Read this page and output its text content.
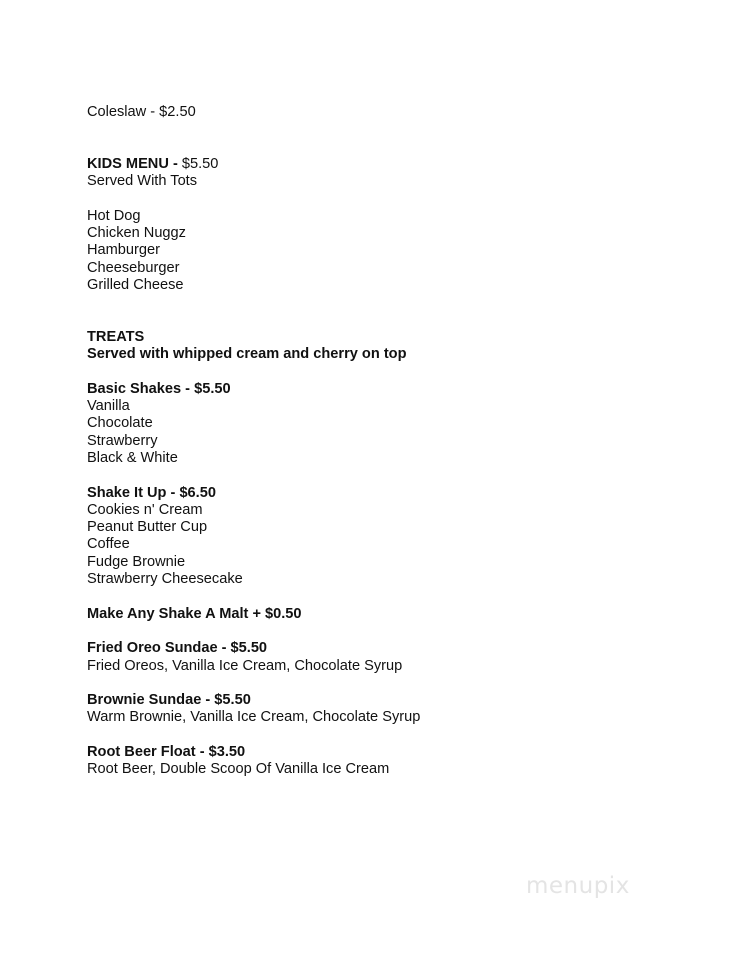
Coleslaw - $2.50
KIDS MENU - $5.50
Served With Tots
Hot Dog
Chicken Nuggz
Hamburger
Cheeseburger
Grilled Cheese
TREATS
Served with whipped cream and cherry on top
Basic Shakes - $5.50
Vanilla
Chocolate
Strawberry
Black & White
Shake It Up - $6.50
Cookies n' Cream
Peanut Butter Cup
Coffee
Fudge Brownie
Strawberry Cheesecake
Make Any Shake A Malt + $0.50
Fried Oreo Sundae - $5.50
Fried Oreos, Vanilla Ice Cream, Chocolate Syrup
Brownie Sundae - $5.50
Warm Brownie, Vanilla Ice Cream, Chocolate Syrup
Root Beer Float - $3.50
Root Beer, Double Scoop Of Vanilla Ice Cream
menupix
